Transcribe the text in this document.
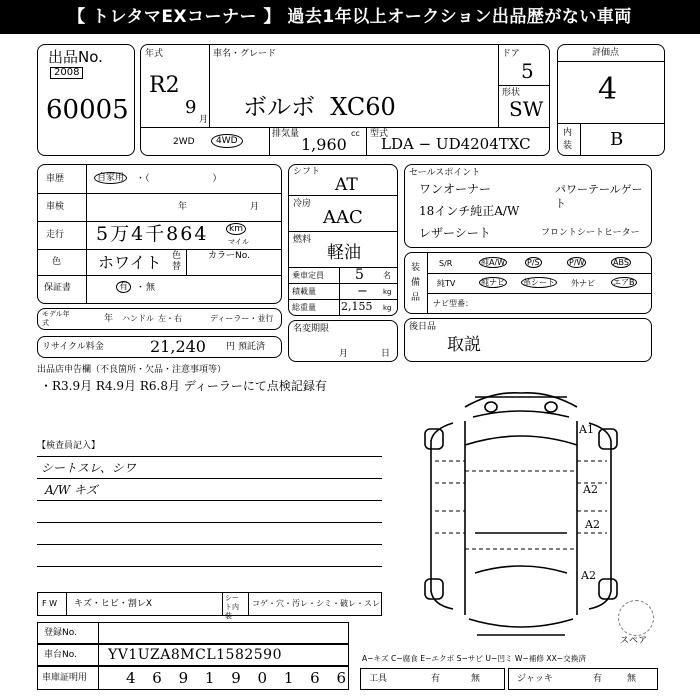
【 トレタマEXコーナー 】 過去1年以上オークション出品歴がない車両
出品No.
2008
60005
年式
R2
9
月
車名・グレード
ボルボ  XC60
ドア
5
形状
SW
2WD	4WD
排気量	cc
1,960
型式
LDA − UD4204TXC
評価点
4
内装 B
車歴	自家用	・（　　　　　　　）
車検	年	月
走行 5万4千864	km
マイル
色 ホワイト 色替
カラーNo.
保証書	有 ・ 無
モデル年式	年 ハンドル 左・右	ディーラー・並行
リサイクル料金	21,240 円 預託済
シフト
AT
冷房
AAC
燃料
軽油
乗車定員 5 名
積載量	− kg
総重量 2,155 kg
名変期限
月	日
セールスポイント
ワンオーナー	パワーテールゲート
18インチ純正A/W
レザーシート	フロントシートヒーター
装備品
S/R	純A/W	P/S	P/W	ABS
純TV	純ナビ 革シート 外ナビ エアB
ナビ型番：
後日品
取説
出品店申告欄（不良箇所・欠品・注意事項等）
・R3.9月 R4.9月 R6.8月 ディーラーにて点検記録有
【検査員記入】
シートスレ、シワ
A/W キズ
A1
A2
A2
A2
スペア
F W キズ・ヒビ・割レX
シート内装
コゲ・穴・汚レ・シミ・破レ・スレ
登録No.
車台No. YV1UZA8MCL1582590
車庫証明用	4 6 9 1 9 0 1 6 6
A−キズ C−腐食 E−エクボ S−サビ U−凹ミ W−補修 XX−交換済
工具	有	無	ジャッキ	有	無
